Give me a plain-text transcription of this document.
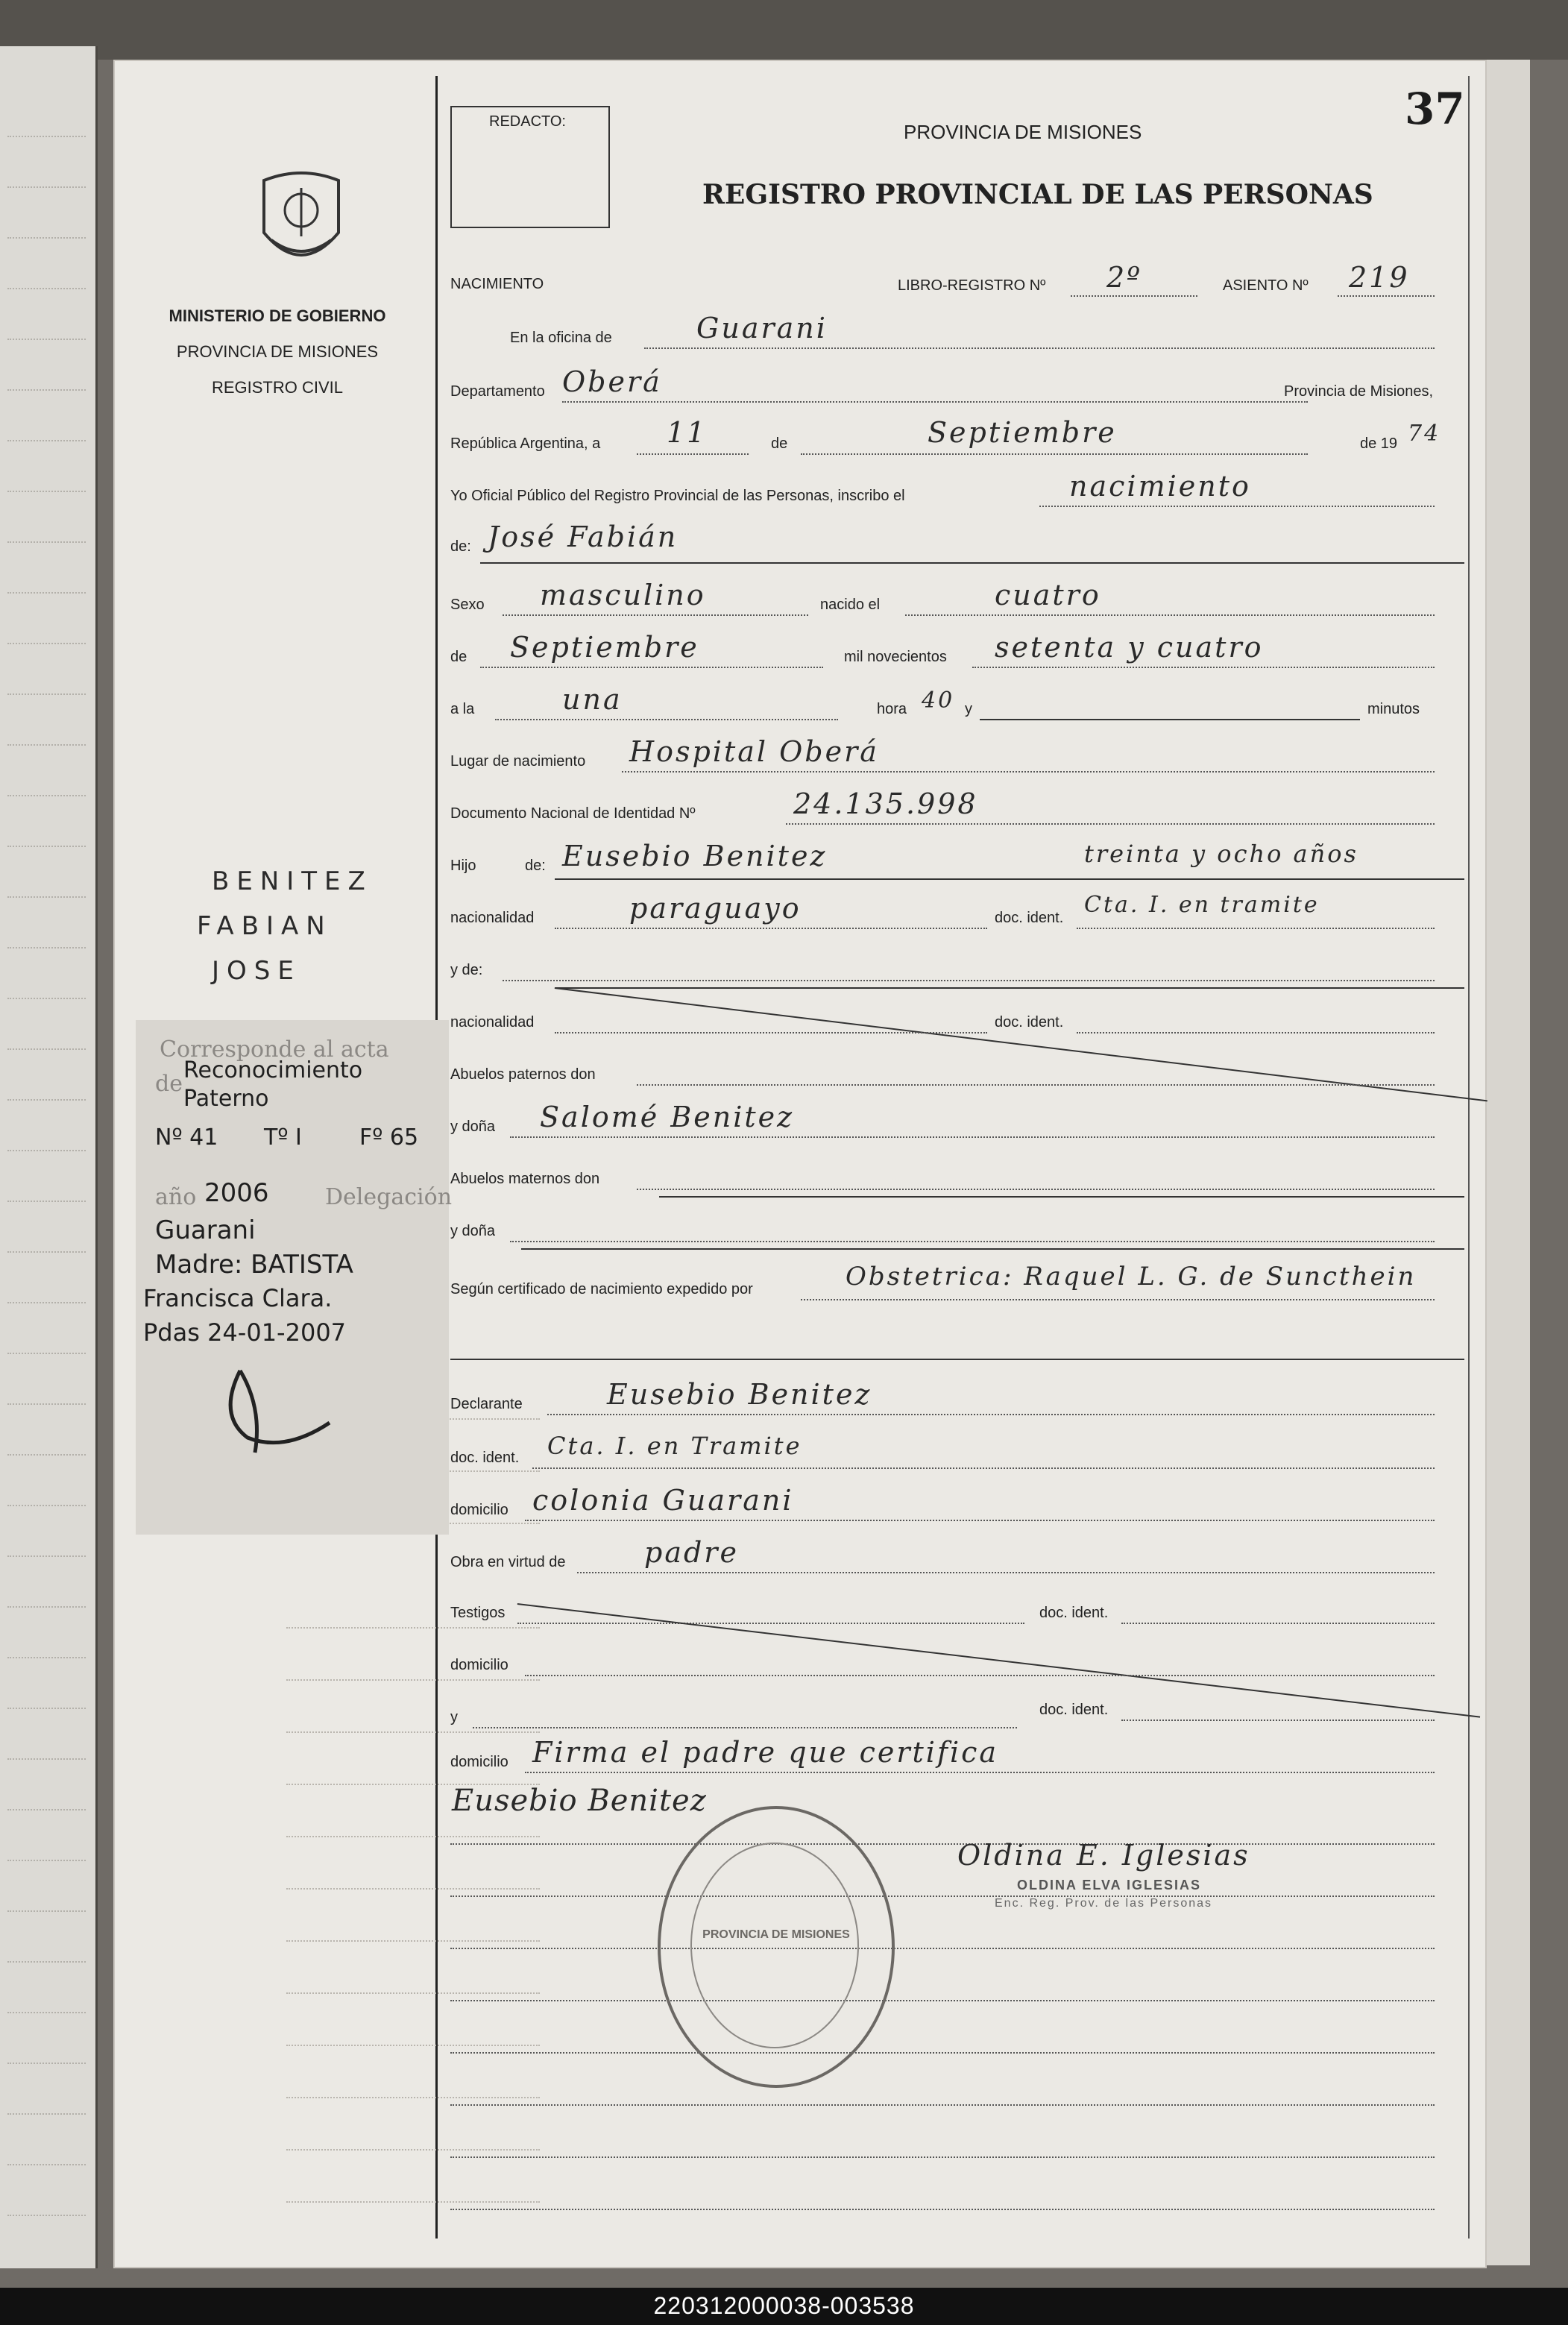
37
REDACTO:	PROVINCIA DE MISIONES
REGISTRO PROVINCIAL DE LAS PERSONAS
MINISTERIO DE GOBIERNO
PROVINCIA DE MISIONES
REGISTRO CIVIL
NACIMIENTO	LIBRO-REGISTRO Nº 2º	ASIENTO Nº 219
En la oficina de	Guarani
Departamento Oberá	Provincia de Misiones,
República Argentina, a 11	de	Septiembre	de 19 74
Yo Oficial Público del Registro Provincial de las Personas, inscribo el	nacimiento
de: José Fabián
Sexo masculino	nacido el	cuatro
de Septiembre	mil novecientos setenta y cuatro
a la	una	hora 40 y	minutos
Lugar de nacimiento Hospital Oberá
Documento Nacional de Identidad Nº	24.135.998
Hijo	de: Eusebio Benitez	treinta y ocho años
nacionalidad	paraguayo	doc. ident. Cta. I. en tramite
y de:
nacionalidad	doc. ident.
Abuelos paternos don
y doña Salomé Benitez
Abuelos maternos don
y doña
Según certificado de nacimiento expedido por	Obstetrica: Raquel L. G. de Suncthein
Declarante	Eusebio Benitez
doc. ident. Cta. I. en Tramite
domicilio colonia Guarani
Obra en virtud de	padre
Testigos	doc. ident.
domicilio
y	doc. ident.
domicilio Firma el padre que certifica
Eusebio Benitez
Oldina E. Iglesias
OLDINA ELVA IGLESIAS
Enc. Reg. Prov. de las Personas
BENITEZ
FABIAN
JOSE
PROVINCIA DE MISIONES
Corresponde al acta
de
Reconocimiento
Paterno
Nº 41 Tº I	Fº 65
año 2006	Delegación
Guarani
Madre: BATISTA
Francisca Clara.
Pdas 24-01-2007
220312000038-003538
